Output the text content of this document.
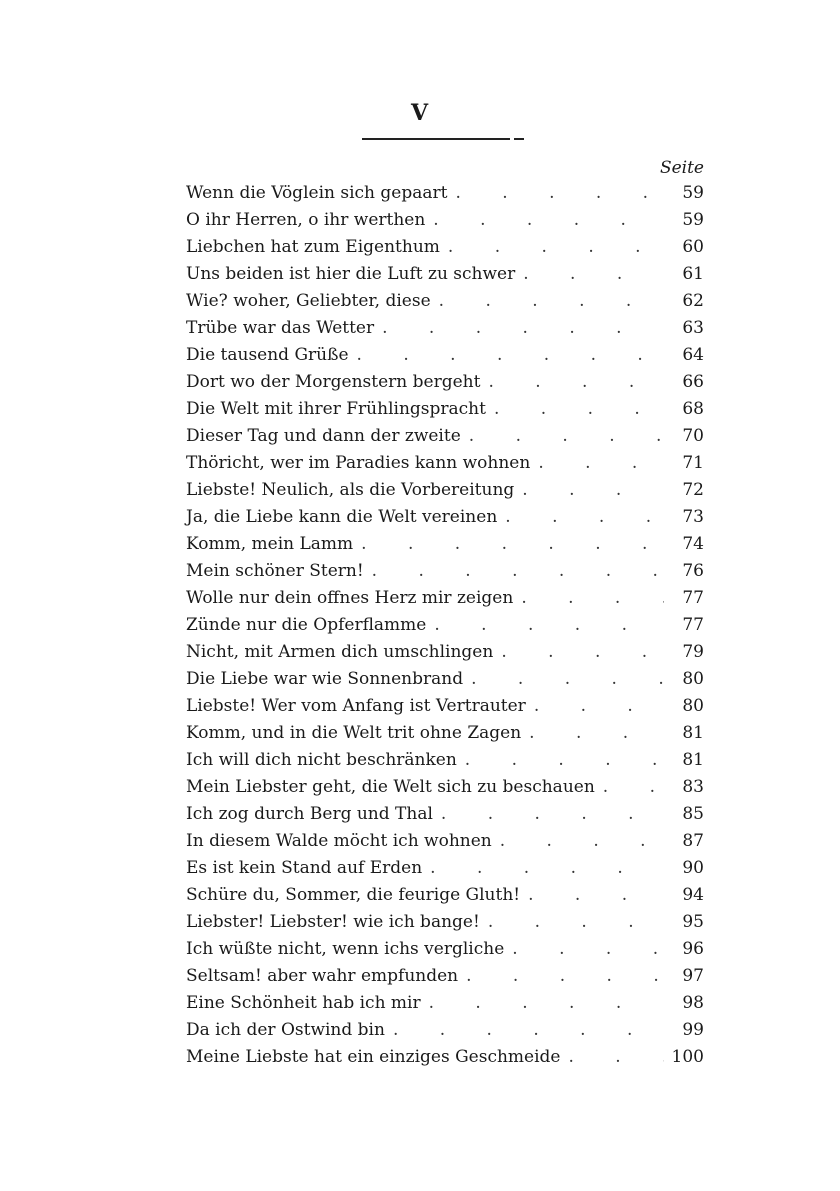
V
Seite
Wenn die Vöglein sich gepaart . . .	59
O ihr Herren, o ihr werthen . . .	59
Liebchen hat zum Eigenthum . . .	60
Uns beiden ist hier die Luft zu schwer . . .	61
Wie? woher, Geliebter, diese . . .	62
Trübe war das Wetter . . .	63
Die tausend Grüße . . .	64
Dort wo der Morgenstern bergeht . . .	66
Die Welt mit ihrer Frühlingspracht . . .	68
Dieser Tag und dann der zweite . . .	70
Thöricht, wer im Paradies kann wohnen . . .	71
Liebste! Neulich, als die Vorbereitung . . .	72
Ja, die Liebe kann die Welt vereinen . . .	73
Komm, mein Lamm . . .	74
Mein schöner Stern! . . .	76
Wolle nur dein offnes Herz mir zeigen . . .	77
Zünde nur die Opferflamme . . .	77
Nicht, mit Armen dich umschlingen . . .	79
Die Liebe war wie Sonnenbrand . . .	80
Liebste! Wer vom Anfang ist Vertrauter . . .	80
Komm, und in die Welt trit ohne Zagen . . .	81
Ich will dich nicht beschränken . . .	81
Mein Liebster geht, die Welt sich zu beschauen . . .	83
Ich zog durch Berg und Thal . . .	85
In diesem Walde möcht ich wohnen . . .	87
Es ist kein Stand auf Erden . . .	90
Schüre du, Sommer, die feurige Gluth! . . .	94
Liebster! Liebster! wie ich bange! . . .	95
Ich wüßte nicht, wenn ichs vergliche . . .	96
Seltsam! aber wahr empfunden . . .	97
Eine Schönheit hab ich mir . . .	98
Da ich der Ostwind bin . . .	99
Meine Liebste hat ein einziges Geschmeide . . .	100
